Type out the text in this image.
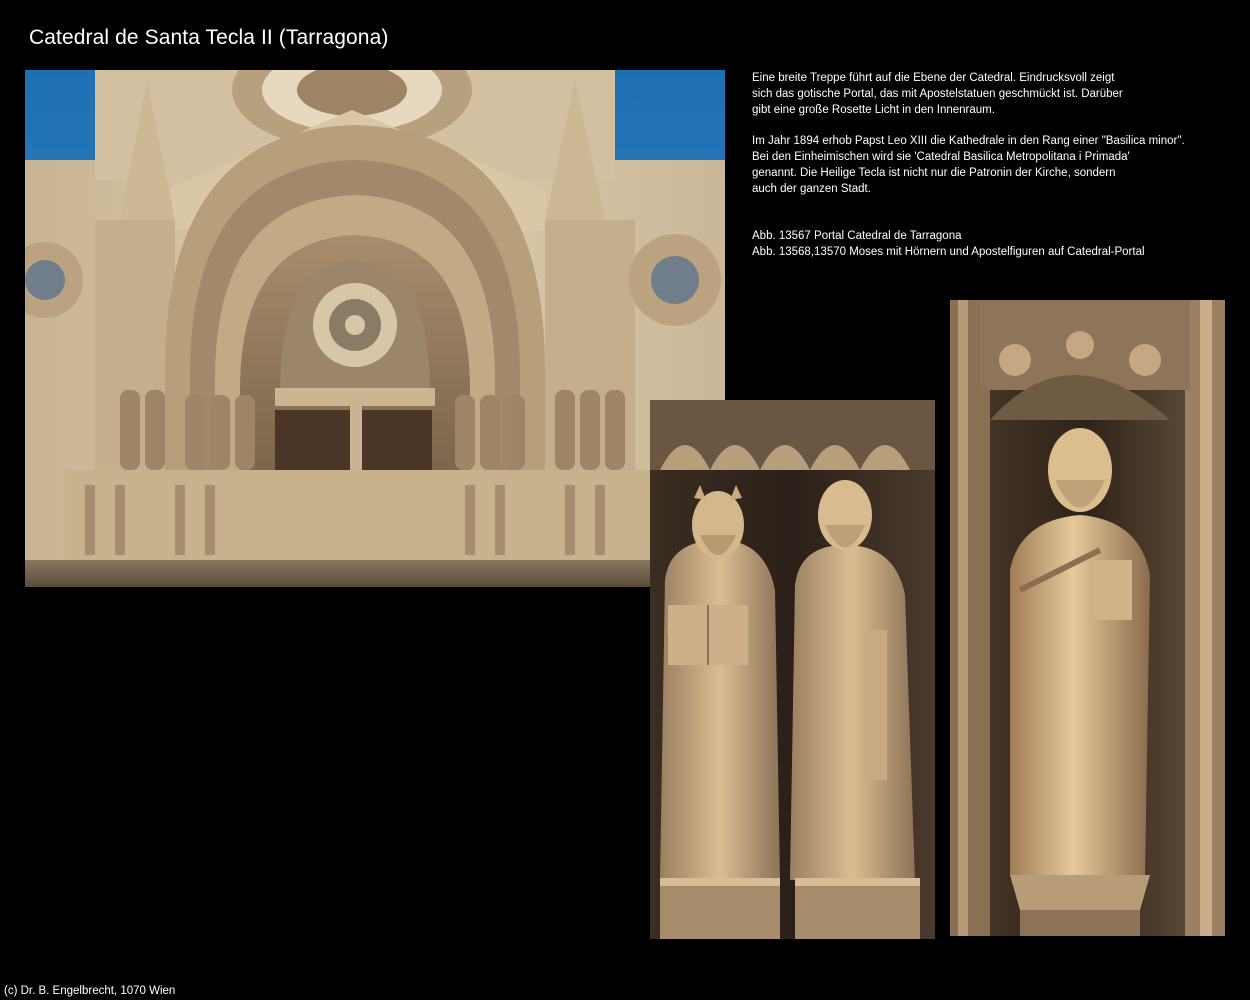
Catedral de Santa Tecla II (Tarragona)

Eine breite Treppe führt auf die Ebene der Catedral. Eindrucksvoll zeigt

sich das gotische Portal, das mit Apostelstatuen geschmückt ist. Darüber

gibt eine große Rosette Licht in den Innenraum.

Im Jahr 1894 erhob Papst Leo XIII die Kathedrale in den Rang einer "Basilica minor".

Bei den Einheimischen wird sie 'Catedral Basilica Metropolitana i Primada'

genannt. Die Heilige Tecla ist nicht nur die Patronin der Kirche, sondern

auch der ganzen Stadt.

Abb. 13567 Portal Catedral de Tarragona

Abb. 13568,13570 Moses mit Hörnern und Apostelfiguren auf Catedral-Portal

(c) Dr. B. Engelbrecht, 1070 Wien
